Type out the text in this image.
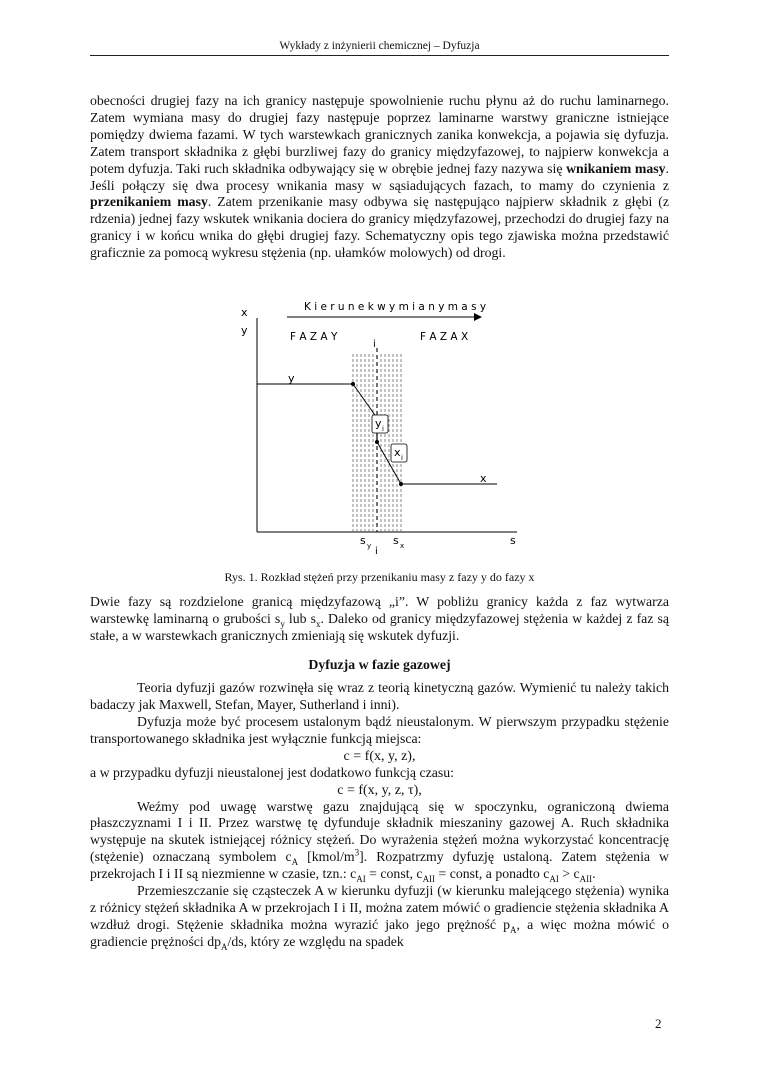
Wykłady z inżynierii chemicznej – Dyfuzja

obecności drugiej fazy na ich granicy następuje spowolnienie ruchu płynu aż do ruchu laminarnego. Zatem wymiana masy do drugiej fazy następuje poprzez laminarne warstwy graniczne istniejące pomiędzy dwiema fazami. W tych warstewkach granicznych zanika konwekcja, a pojawia się dyfuzja. Zatem transport składnika z głębi burzliwej fazy do granicy międzyfazowej, to najpierw konwekcja a potem dyfuzja. Taki ruch składnika odbywający się w obrębie jednej fazy nazywa się wnikaniem masy. Jeśli połączy się dwa procesy wnikania masy w sąsiadujących fazach, to mamy do czynienia z przenikaniem masy. Zatem przenikanie masy odbywa się następująco najpierw składnik z głębi (z rdzenia) jednej fazy wskutek wnikania dociera do granicy międzyfazowej, przechodzi do drugiej fazy na granicy i w końcu wnika do głębi drugiej fazy. Schematyczny opis tego zjawiska można przedstawić graficznie za pomocą wykresu stężenia (np. ułamków molowych) od drogi.

x
y
K i e r u n e k w y m i a n y m a s y
F A Z A Y	F A Z A X
i
y
y i
x i
x
s y s x
i
s
Rys. 1. Rozkład stężeń przy przenikaniu masy z fazy y do fazy x

Dwie fazy są rozdzielone granicą międzyfazową „i”. W pobliżu granicy każda z faz wytwarza warstewkę laminarną o grubości $s_y$ lub $s_x$. Daleko od granicy międzyfazowej stężenia w każdej z faz są stałe, a w warstewkach granicznych zmieniają się wskutek dyfuzji.

Dyfuzja w fazie gazowej

Teoria dyfuzji gazów rozwinęła się wraz z teorią kinetyczną gazów. Wymienić tu należy takich badaczy jak Maxwell, Stefan, Mayer, Sutherland i inni).

Dyfuzja może być procesem ustalonym bądź nieustalonym. W pierwszym przypadku stężenie transportowanego składnika jest wyłącznie funkcją miejsca:

c = f(x, y, z),

a w przypadku dyfuzji nieustalonej jest dodatkowo funkcją czasu:

c = f(x, y, z, τ),

Weźmy pod uwagę warstwę gazu znajdującą się w spoczynku, ograniczoną dwiema płaszczyznami I i II. Przez warstwę tę dyfunduje składnik mieszaniny gazowej A. Ruch składnika występuje na skutek istniejącej różnicy stężeń. Do wyrażenia stężeń można wykorzystać koncentrację (stężenie) oznaczaną symbolem $c_A$ $[kmol/m^3]$. Rozpatrzmy dyfuzję ustaloną. Zatem stężenia w przekrojach I i II są niezmienne w czasie, tzn.: $c_{AI}$ = const, $c_{AII}$ = const, a ponadto $c_{AI} > c_{AII}$.

Przemieszczanie się cząsteczek A w kierunku dyfuzji (w kierunku malejącego stężenia) wynika z różnicy stężeń składnika A w przekrojach I i II, można zatem mówić o gradiencie stężenia składnika A wzdłuż drogi. Stężenie składnika można wyrazić jako jego prężność $p_A$, a więc można mówić o gradiencie prężności $dp_A/ds$, który ze względu na spadek

2
